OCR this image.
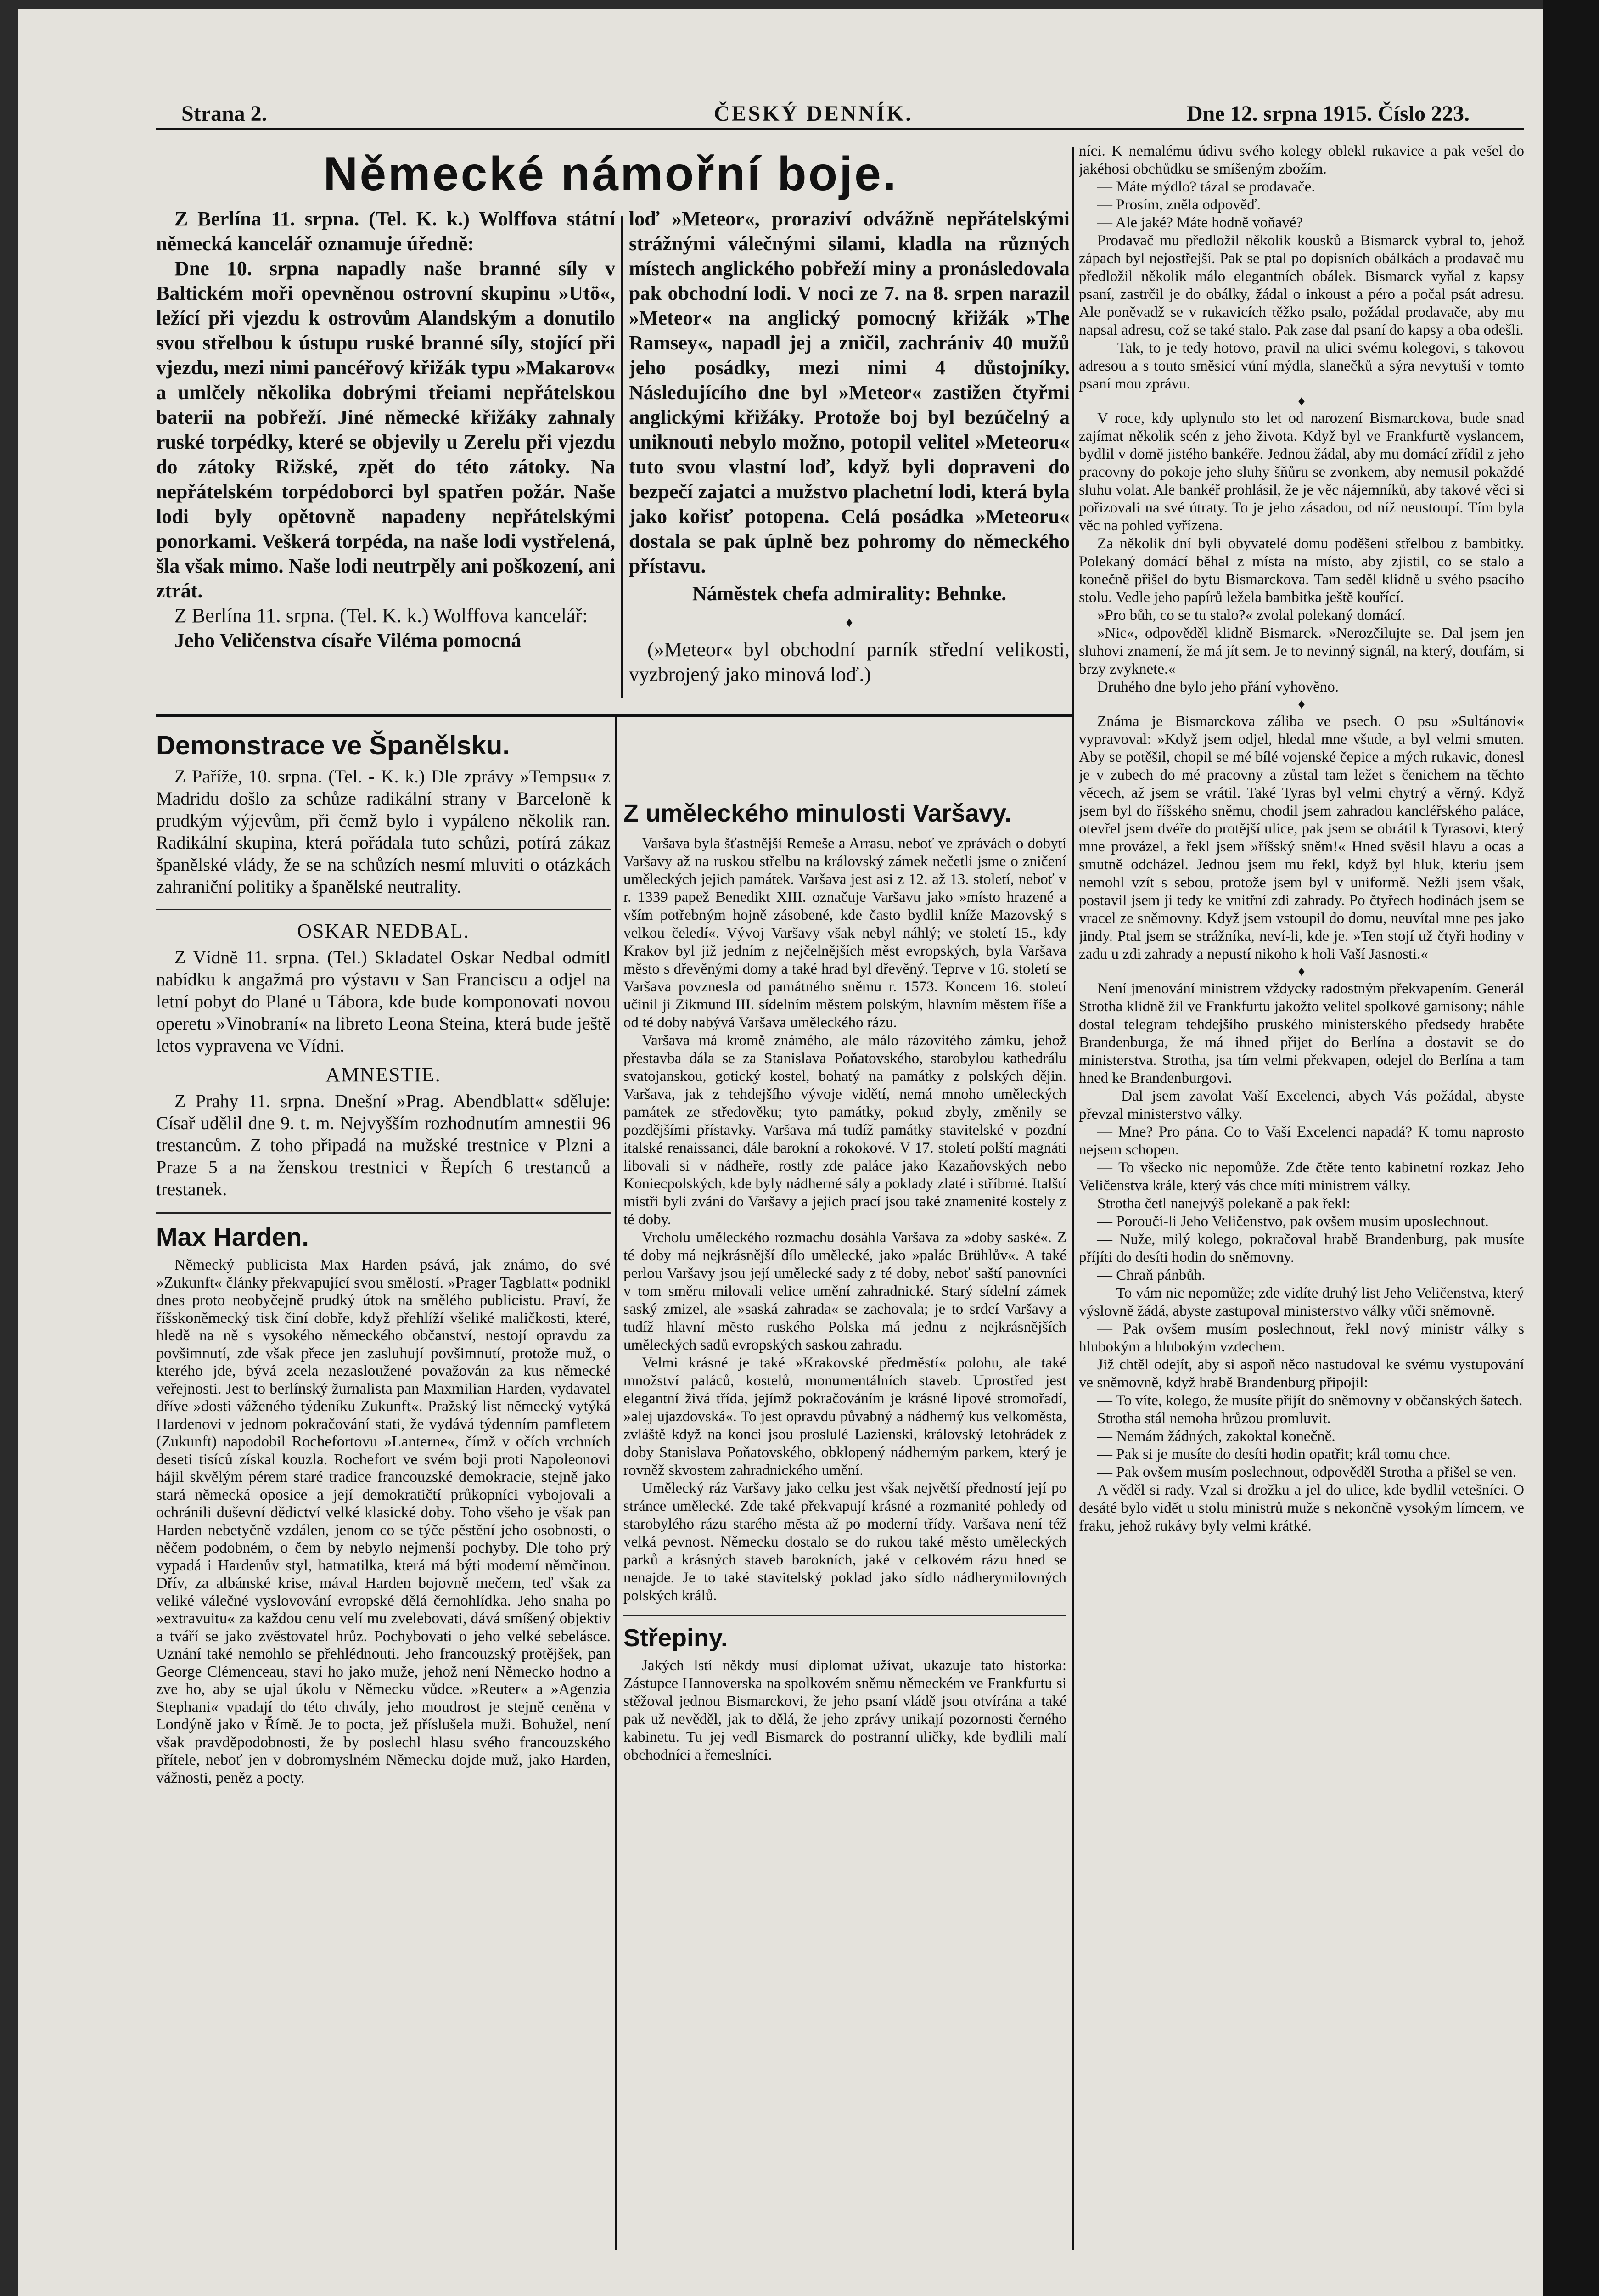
Strana 2.	ČESKÝ DENNÍK.	Dne 12. srpna 1915. Číslo 223.
Německé námořní boje.

Z Berlína 11. srpna. (Tel. K. k.) Wolffova státní německá kancelář oznamuje úředně:

Dne 10. srpna napadly naše branné síly v Baltickém moři opevněnou ostrovní skupinu »Utö«, ležící při vjezdu k ostrovům Alandským a donutilo svou střelbou k ústupu ruské branné síly, stojící při vjezdu, mezi nimi pancéřový křižák typu »Makarov« a umlčely několika dobrými třeiami nepřátelskou baterii na pobřeží. Jiné německé křižáky zahnaly ruské torpédky, které se objevily u Zerelu při vjezdu do zátoky Rižské, zpět do této zátoky. Na nepřátelském torpédoborci byl spatřen požár. Naše lodi byly opětovně napadeny nepřátelskými ponorkami. Veškerá torpéda, na naše lodi vystřelená, šla však mimo. Naše lodi neutrpěly ani poškození, ani ztrát.

Z Berlína 11. srpna. (Tel. K. k.) Wolffova kancelář:

Jeho Veličenstva císaře Viléma pomocná

loď »Meteor«, proraziví odvážně nepřátelskými strážnými válečnými silami, kladla na různých místech anglického pobřeží miny a pronásledovala pak obchodní lodi. V noci ze 7. na 8. srpen narazil »Meteor« na anglický pomocný křižák »The Ramsey«, napadl jej a zničil, zachrániv 40 mužů jeho posádky, mezi nimi 4 důstojníky. Následujícího dne byl »Meteor« zastižen čtyřmi anglickými křižáky. Protože boj byl bezúčelný a uniknouti nebylo možno, potopil velitel »Meteoru« tuto svou vlastní loď, když byli dopraveni do bezpečí zajatci a mužstvo plachetní lodi, která byla jako kořisť potopena. Celá posádka »Meteoru« dostala se pak úplně bez pohromy do německého přístavu.

Náměstek chefa admirality: Behnke.

♦

(»Meteor« byl obchodní parník střední velikosti, vyzbrojený jako minová loď.)

Demonstrace ve Španělsku.

Z Paříže, 10. srpna. (Tel. - K. k.) Dle zprávy »Tempsu« z Madridu došlo za schůze radikální strany v Barceloně k prudkým výjevům, při čemž bylo i vypáleno několik ran. Radikální skupina, která pořádala tuto schůzi, potírá zákaz španělské vlády, že se na schůzích nesmí mluviti o otázkách zahraniční politiky a španělské neutrality.

OSKAR NEDBAL.

Z Vídně 11. srpna. (Tel.) Skladatel Oskar Nedbal odmítl nabídku k angažmá pro výstavu v San Franciscu a odjel na letní pobyt do Plané u Tábora, kde bude komponovati novou operetu »Vinobraní« na libreto Leona Steina, která bude ještě letos vypravena ve Vídni.

AMNESTIE.

Z Prahy 11. srpna. Dnešní »Prag. Abendblatt« sděluje: Císař udělil dne 9. t. m. Nejvyšším rozhodnutím amnestii 96 trestancům. Z toho připadá na mužské trestnice v Plzni a Praze 5 a na ženskou trestnici v Řepích 6 trestanců a trestanek.

Max Harden.

Německý publicista Max Harden psává, jak známo, do své »Zukunft« články překvapující svou smělostí. »Prager Tagblatt« podnikl dnes proto neobyčejně prudký útok na smělého publicistu. Praví, že říšskoněmecký tisk činí dobře, když přehlíží všeliké maličkosti, které, hledě na ně s vysokého německého občanství, nestojí opravdu za povšimnutí, zde však přece jen zasluhují povšimnutí, protože muž, o kterého jde, bývá zcela nezasloužené považován za kus německé veřejnosti. Jest to berlínský žurnalista pan Maxmilian Harden, vydavatel dříve »dosti váženého týdeníku Zukunft«. Pražský list německý vytýká Hardenovi v jednom pokračování stati, že vydává týdenním pamfletem (Zukunft) napodobil Rochefortovu »Lanterne«, čímž v očích vrchních deseti tisíců získal kouzla. Rochefort ve svém boji proti Napoleonovi hájil skvělým pérem staré tradice francouzské demokracie, stejně jako stará německá oposice a její demokratičtí průkopníci vybojovali a ochránili duševní dědictví velké klasické doby. Toho všeho je však pan Harden nebetyčně vzdálen, jenom co se týče pěstění jeho osobnosti, o něčem podobném, o čem by nebylo nejmenší pochyby. Dle toho prý vypadá i Hardenův styl, hatmatilka, která má býti moderní němčinou. Dřív, za albánské krise, mával Harden bojovně mečem, teď však za veliké válečné vyslovování evropské dělá černohlídka. Jeho snaha po »extravuitu« za každou cenu velí mu zvelebovati, dává smíšený objektiv a tváří se jako zvěstovatel hrůz. Pochybovati o jeho velké sebelásce. Uznání také nemohlo se přehlédnouti. Jeho francouzský protějšek, pan George Clémenceau, staví ho jako muže, jehož není Německo hodno a zve ho, aby se ujal úkolu v Německu vůdce. »Reuter« a »Agenzia Stephani« vpadají do této chvály, jeho moudrost je stejně ceněna v Londýně jako v Římě. Je to pocta, jež příslušela muži. Bohužel, není však pravděpodobnosti, že by poslechl hlasu svého francouzského přítele, neboť jen v dobromyslném Německu dojde muž, jako Harden, vážnosti, peněz a pocty.

Z uměleckého minulosti Varšavy.

Varšava byla šťastnější Remeše a Arrasu, neboť ve zprávách o dobytí Varšavy až na ruskou střelbu na královský zámek nečetli jsme o zničení uměleckých jejich památek. Varšava jest asi z 12. až 13. století, neboť v r. 1339 papež Benedikt XIII. označuje Varšavu jako »místo hrazené a vším potřebným hojně zásobené, kde často bydlil kníže Mazovský s velkou čeledí«. Vývoj Varšavy však nebyl náhlý; ve století 15., kdy Krakov byl již jedním z nejčelnějších měst evropských, byla Varšava město s dřevěnými domy a také hrad byl dřevěný. Teprve v 16. století se Varšava povznesla od památného sněmu r. 1573. Koncem 16. století učinil ji Zikmund III. sídelním městem polským, hlavním městem říše a od té doby nabývá Varšava uměleckého rázu.

Varšava má kromě známého, ale málo rázovitého zámku, jehož přestavba dála se za Stanislava Poňatovského, starobylou kathedrálu svatojanskou, gotický kostel, bohatý na památky z polských dějin. Varšava, jak z tehdejšího vývoje vidětí, nemá mnoho uměleckých památek ze středověku; tyto památky, pokud zbyly, změnily se pozdějšími přístavky. Varšava má tudíž památky stavitelské v pozdní italské renaissanci, dále barokní a rokokové. V 17. století polští magnáti libovali si v nádheře, rostly zde paláce jako Kazaňovských nebo Koniecpolských, kde byly nádherné sály a poklady zlaté i stříbrné. Italští mistři byli zváni do Varšavy a jejich prací jsou také znamenité kostely z té doby.

Vrcholu uměleckého rozmachu dosáhla Varšava za »doby saské«. Z té doby má nejkrásnější dílo umělecké, jako »palác Brühlův«. A také perlou Varšavy jsou její umělecké sady z té doby, neboť saští panovníci v tom směru milovali velice umění zahradnické. Starý sídelní zámek saský zmizel, ale »saská zahrada« se zachovala; je to srdcí Varšavy a tudíž hlavní město ruského Polska má jednu z nejkrásnějších uměleckých sadů evropských saskou zahradu.

Velmi krásné je také »Krakovské předměstí« polohu, ale také množství paláců, kostelů, monumentálních staveb. Uprostřed jest elegantní živá třída, jejímž pokračováním je krásné lipové stromořadí, »alej ujazdovská«. To jest opravdu půvabný a nádherný kus velkoměsta, zvláště když na konci jsou proslulé Lazienski, královský letohrádek z doby Stanislava Poňatovského, obklopený nádherným parkem, který je rovněž skvostem zahradnického umění.

Umělecký ráz Varšavy jako celku jest však největší předností její po stránce umělecké. Zde také překvapují krásné a rozmanité pohledy od starobylého rázu starého města až po moderní třídy. Varšava není též velká pevnost. Německu dostalo se do rukou také město uměleckých parků a krásných staveb barokních, jaké v celkovém rázu hned se nenajde. Je to také stavitelský poklad jako sídlo nádherymilovných polských králů.

Střepiny.

Jakých lstí někdy musí diplomat užívat, ukazuje tato historka: Zástupce Hannoverska na spolkovém sněmu německém ve Frankfurtu si stěžoval jednou Bismarckovi, že jeho psaní vládě jsou otvírána a také pak už nevěděl, jak to dělá, že jeho zprávy unikají pozornosti černého kabinetu. Tu jej vedl Bismarck do postranní uličky, kde bydlili malí obchodníci a řemeslníci.

níci. K nemalému údivu svého kolegy oblekl rukavice a pak vešel do jakéhosi obchůdku se smíšeným zbožím.

— Máte mýdlo? tázal se prodavače.

— Prosím, zněla odpověď.

— Ale jaké? Máte hodně voňavé?

Prodavač mu předložil několik kousků a Bismarck vybral to, jehož zápach byl nejostřejší. Pak se ptal po dopisních obálkách a prodavač mu předložil několik málo elegantních obálek. Bismarck vyňal z kapsy psaní, zastrčil je do obálky, žádal o inkoust a péro a počal psát adresu. Ale poněvadž se v rukavicích těžko psalo, požádal prodavače, aby mu napsal adresu, což se také stalo. Pak zase dal psaní do kapsy a oba odešli.

— Tak, to je tedy hotovo, pravil na ulici svému kolegovi, s takovou adresou a s touto směsicí vůní mýdla, slanečků a sýra nevytuší v tomto psaní mou zprávu.

♦

V roce, kdy uplynulo sto let od narození Bismarckova, bude snad zajímat několik scén z jeho života. Když byl ve Frankfurtě vyslancem, bydlil v domě jistého bankéře. Jednou žádal, aby mu domácí zřídil z jeho pracovny do pokoje jeho sluhy šňůru se zvonkem, aby nemusil pokaždé sluhu volat. Ale bankéř prohlásil, že je věc nájemníků, aby takové věci si pořizovali na své útraty. To je jeho zásadou, od níž neustoupí. Tím byla věc na pohled vyřízena.

Za několik dní byli obyvatelé domu poděšeni střelbou z bambitky. Polekaný domácí běhal z místa na místo, aby zjistil, co se stalo a konečně přišel do bytu Bismarckova. Tam seděl klidně u svého psacího stolu. Vedle jeho papírů ležela bambitka ještě kouřící.

»Pro bůh, co se tu stalo?« zvolal polekaný domácí.

»Nic«, odpověděl klidně Bismarck. »Nerozčilujte se. Dal jsem jen sluhovi znamení, že má jít sem. Je to nevinný signál, na který, doufám, si brzy zvyknete.«

Druhého dne bylo jeho přání vyhověno.

♦

Známa je Bismarckova záliba ve psech. O psu »Sultánovi« vypravoval: »Když jsem odjel, hledal mne všude, a byl velmi smuten. Aby se potěšil, chopil se mé bílé vojenské čepice a mých rukavic, donesl je v zubech do mé pracovny a zůstal tam ležet s čenichem na těchto věcech, až jsem se vrátil. Také Tyras byl velmi chytrý a věrný. Když jsem byl do říšského sněmu, chodil jsem zahradou kancléřského paláce, otevřel jsem dvéře do protější ulice, pak jsem se obrátil k Tyrasovi, který mne provázel, a řekl jsem »říšský sněm!« Hned svěsil hlavu a ocas a smutně odcházel. Jednou jsem mu řekl, když byl hluk, kteriu jsem nemohl vzít s sebou, protože jsem byl v uniformě. Nežli jsem však, postavil jsem ji tedy ke vnitřní zdi zahrady. Po čtyřech hodinách jsem se vracel ze sněmovny. Když jsem vstoupil do domu, neuvítal mne pes jako jindy. Ptal jsem se strážníka, neví-li, kde je. »Ten stojí už čtyři hodiny v zadu u zdi zahrady a nepustí nikoho k holi Vaší Jasnosti.«

♦

Není jmenování ministrem vždycky radostným překvapením. Generál Strotha klidně žil ve Frankfurtu jakožto velitel spolkové garnisony; náhle dostal telegram tehdejšího pruského ministerského předsedy hraběte Brandenburga, že má ihned přijet do Berlína a dostavit se do ministerstva. Strotha, jsa tím velmi překvapen, odejel do Berlína a tam hned ke Brandenburgovi.

— Dal jsem zavolat Vaší Excelenci, abych Vás požádal, abyste převzal ministerstvo války.

— Mne? Pro pána. Co to Vaší Excelenci napadá? K tomu naprosto nejsem schopen.

— To všecko nic nepomůže. Zde čtěte tento kabinetní rozkaz Jeho Veličenstva krále, který vás chce míti ministrem války.

Strotha četl nanejvýš polekaně a pak řekl:

— Poroučí-li Jeho Veličenstvo, pak ovšem musím uposlechnout.

— Nuže, milý kolego, pokračoval hrabě Brandenburg, pak musíte příjíti do desíti hodin do sněmovny.

— Chraň pánbůh.

— To vám nic nepomůže; zde vidíte druhý list Jeho Veličenstva, který výslovně žádá, abyste zastupoval ministerstvo války vůči sněmovně.

— Pak ovšem musím poslechnout, řekl nový ministr války s hlubokým a hlubokým vzdechem.

Již chtěl odejít, aby si aspoň něco nastudoval ke svému vystupování ve sněmovně, když hrabě Brandenburg připojil:

— To víte, kolego, že musíte přijít do sněmovny v občanských šatech.

Strotha stál nemoha hrůzou promluvit.

— Nemám žádných, zakoktal konečně.

— Pak si je musíte do desíti hodin opatřit; král tomu chce.

— Pak ovšem musím poslechnout, odpověděl Strotha a přišel se ven.

A věděl si rady. Vzal si drožku a jel do ulice, kde bydlil vetešníci. O desáté bylo vidět u stolu ministrů muže s nekončně vysokým límcem, ve fraku, jehož rukávy byly velmi krátké.
